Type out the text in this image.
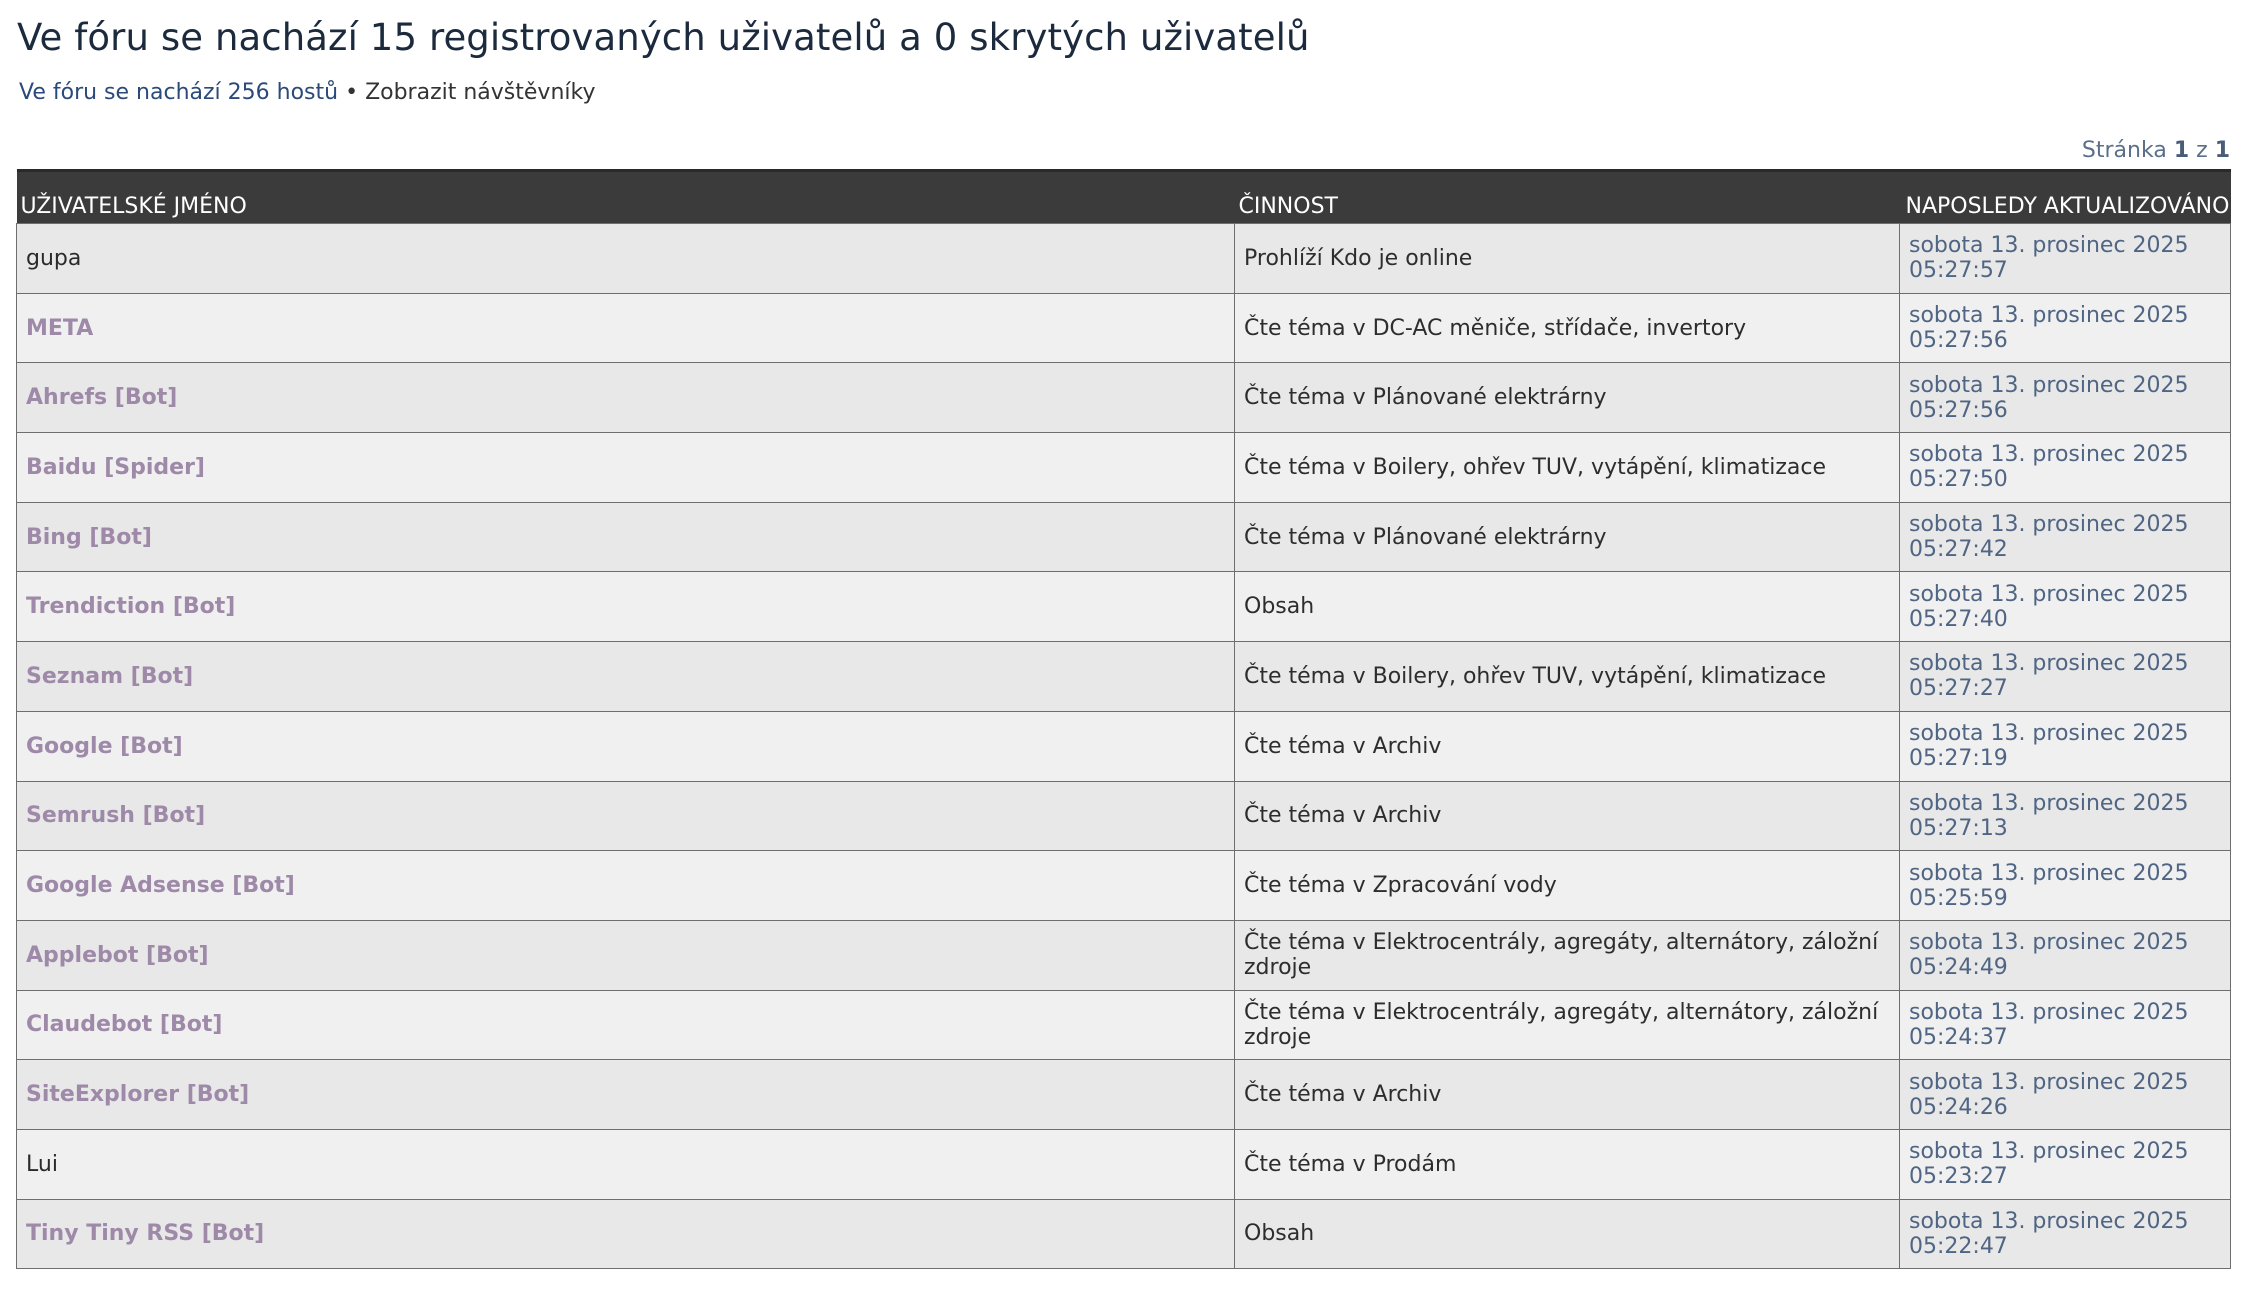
Ve fóru se nachází 15 registrovaných uživatelů a 0 skrytých uživatelů
Ve fóru se nachází 256 hostů • Zobrazit návštěvníky
Stránka 1 z 1
UŽIVATELSKÉ JMÉNO	ČINNOST	NAPOSLEDY AKTUALIZOVÁNO
gupa	Prohlíží Kdo je online	sobota 13. prosinec 2025
05:27:57

META	Čte téma v DC-AC měniče, střídače, invertory	sobota 13. prosinec 2025
05:27:56

Ahrefs [Bot]	Čte téma v Plánované elektrárny	sobota 13. prosinec 2025
05:27:56

Baidu [Spider]	Čte téma v Boilery, ohřev TUV, vytápění, klimatizace	sobota 13. prosinec 2025
05:27:50

Bing [Bot]	Čte téma v Plánované elektrárny	sobota 13. prosinec 2025
05:27:42

Trendiction [Bot]	Obsah	sobota 13. prosinec 2025
05:27:40

Seznam [Bot]	Čte téma v Boilery, ohřev TUV, vytápění, klimatizace	sobota 13. prosinec 2025
05:27:27

Google [Bot]	Čte téma v Archiv	sobota 13. prosinec 2025
05:27:19

Semrush [Bot]	Čte téma v Archiv	sobota 13. prosinec 2025
05:27:13

Google Adsense [Bot]	Čte téma v Zpracování vody	sobota 13. prosinec 2025
05:25:59

Applebot [Bot]	Čte téma v Elektrocentrály, agregáty, alternátory, záložní zdroje	sobota 13. prosinec 2025
05:24:49

Claudebot [Bot]	Čte téma v Elektrocentrály, agregáty, alternátory, záložní zdroje	sobota 13. prosinec 2025
05:24:37

SiteExplorer [Bot]	Čte téma v Archiv	sobota 13. prosinec 2025
05:24:26

Lui	Čte téma v Prodám	sobota 13. prosinec 2025
05:23:27

Tiny Tiny RSS [Bot]	Obsah	sobota 13. prosinec 2025
05:22:47
